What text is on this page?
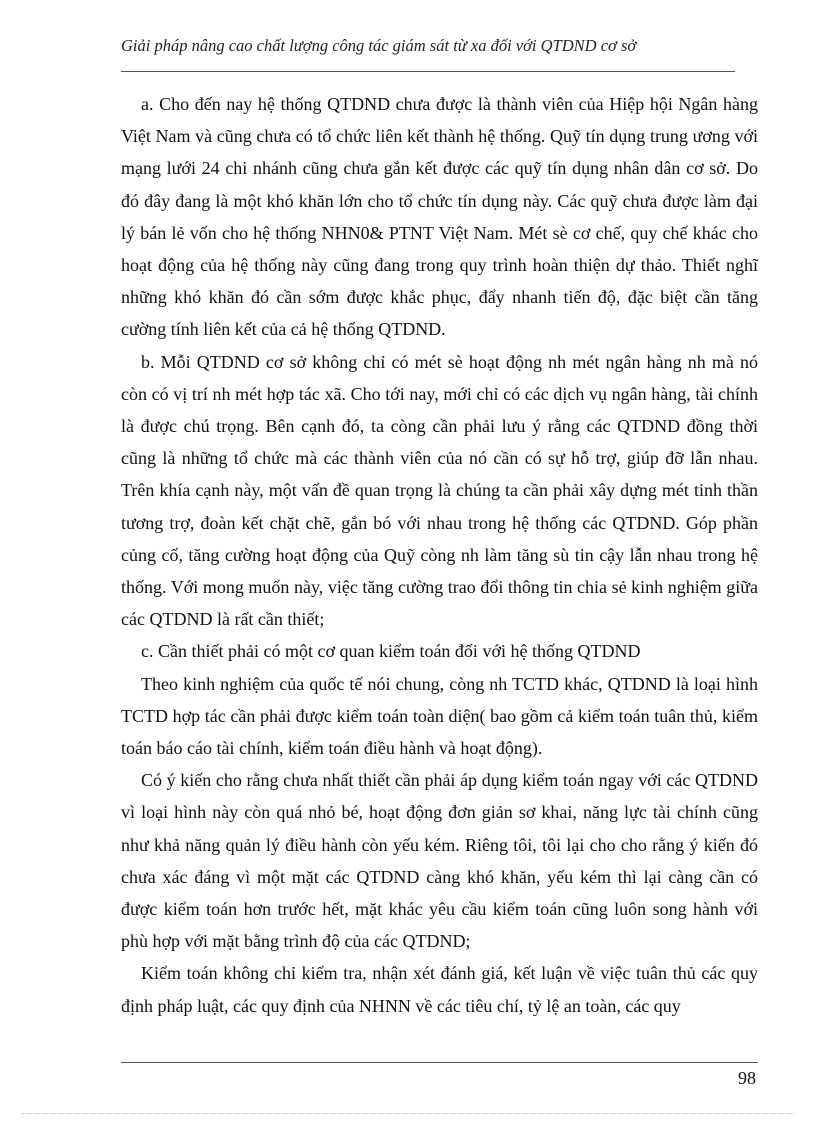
Giải pháp nâng cao chất lượng công tác giám sát từ xa đối với QTDND cơ sở

a. Cho đến nay hệ thống QTDND chưa được là thành viên của Hiệp hội Ngân hàng Việt Nam và cũng chưa có tổ chức liên kết thành hệ thống. Quỹ tín dụng trung ương với mạng lưới 24 chi nhánh cũng chưa gắn kết được các quỹ tín dụng nhân dân cơ sở. Do đó đây đang là một khó khăn lớn cho tổ chức tín dụng này. Các quỹ chưa được làm đại lý bán lẻ vốn cho hệ thống NHN0& PTNT Việt Nam. Mét sè cơ chế, quy chế khác cho hoạt động của hệ thống này cũng đang trong quy trình hoàn thiện dự thảo. Thiết nghĩ những khó khăn đó cần sớm được khắc phục, đẩy nhanh tiến độ, đặc biệt cần tăng cường tính liên kết của cả hệ thống QTDND.

b. Mỗi QTDND cơ sở không chỉ có mét sè hoạt động nh mét ngân hàng nh mà nó còn có vị trí nh mét hợp tác xã. Cho tới nay, mới chỉ có các dịch vụ ngân hàng, tài chính là được chú trọng. Bên cạnh đó, ta còng cần phải lưu ý rằng các QTDND đồng thời cũng là những tổ chức mà các thành viên của nó cần có sự hỗ trợ, giúp đỡ lẫn nhau. Trên khía cạnh này, một vấn đề quan trọng là chúng ta cần phải xây dựng mét tinh thần tương trợ, đoàn kết chặt chẽ, gắn bó với nhau trong hệ thống các QTDND. Góp phần củng cố, tăng cường hoạt động của Quỹ còng nh làm tăng sù tin cậy lẫn nhau trong hệ thống. Với mong muốn này, việc tăng cường trao đổi thông tin chia sẻ kinh nghiệm giữa các QTDND là rất cần thiết;

c. Cần thiết phải có một cơ quan kiểm toán đối với hệ thống QTDND

Theo kinh nghiệm của quốc tế nói chung, còng nh TCTD khác, QTDND là loại hình TCTD hợp tác cần phải được kiểm toán toàn diện( bao gồm cả kiểm toán tuân thủ, kiểm toán báo cáo tài chính, kiểm toán điều hành và hoạt động).

Có ý kiến cho rằng chưa nhất thiết cần phải áp dụng kiểm toán ngay với các QTDND vì loại hình này còn quá nhỏ bé, hoạt động đơn giản sơ khai, năng lực tài chính cũng như khả năng quản lý điều hành còn yếu kém. Riêng tôi, tôi lại cho cho rằng ý kiến đó chưa xác đáng vì một mặt các QTDND càng khó khăn, yếu kém thì lại càng cần có được kiểm toán hơn trước hết, mặt khác yêu cầu kiểm toán cũng luôn song hành với phù hợp với mặt bằng trình độ của các QTDND;

Kiểm toán không chỉ kiểm tra, nhận xét đánh giá, kết luận về việc tuân thủ các quy định pháp luật, các quy định của NHNN về các tiêu chí, tỷ lệ an toàn, các quy

98
